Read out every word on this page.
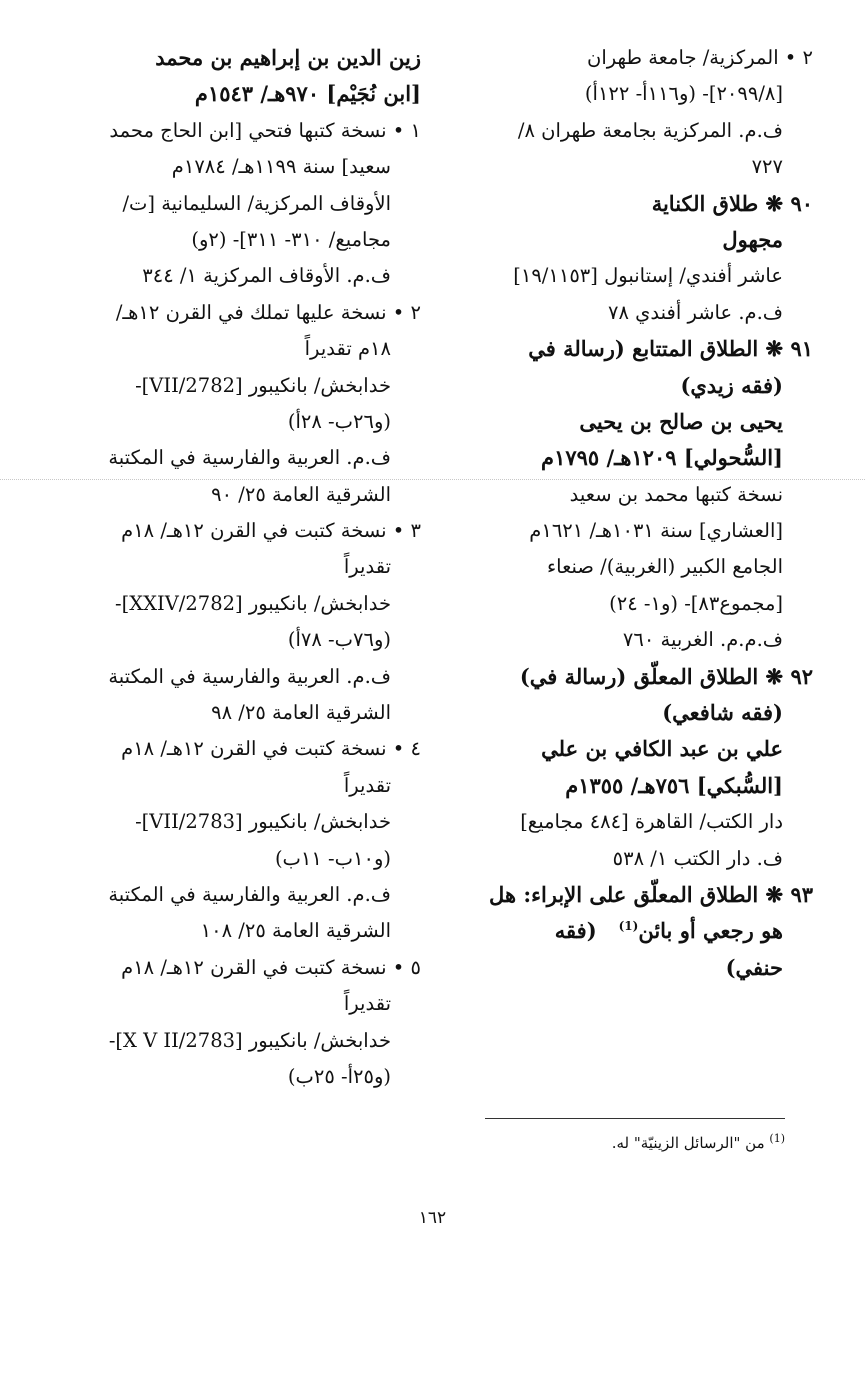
٢ • المركزية/ جامعة طهران
[٢٠٩٩/٨]- (و١١٦أ- ١٢٢أ)
ف.م. المركزية بجامعة طهران ٨/
٧٢٧
٩٠ ❋ طلاق الكناية
مجهول
عاشر أفندي/ إستانبول [١٩/١١٥٣]
ف.م. عاشر أفندي ٧٨
٩١ ❋ الطلاق المتتابع (رسالة في
(فقه زيدي)
يحيى بن صالح بن يحيى
[السُّحولي] ١٢٠٩هـ/ ١٧٩٥م
نسخة كتبها محمد بن سعيد
[العشاري] سنة ١٠٣١هـ/ ١٦٢١م
الجامع الكبير (الغربية)/ صنعاء
[مجموع٨٣]- (و١- ٢٤)
ف.م.م. الغربية ٧٦٠
٩٢ ❋ الطلاق المعلّق (رسالة في)
(فقه شافعي)
علي بن عبد الكافي بن علي
[السُّبكي] ٧٥٦هـ/ ١٣٥٥م
دار الكتب/ القاهرة [٤٨٤ مجاميع]
ف. دار الكتب ١/ ٥٣٨
٩٣ ❋ الطلاق المعلّق على الإبراء: هل
هو رجعي أو بائن$^{(1)}$   (فقه
حنفي)
زين الدين بن إبراهيم بن محمد
[ابن نُجَيْم] ٩٧٠هـ/ ١٥٤٣م
١ • نسخة كتبها فتحي [ابن الحاج محمد
سعيد] سنة ١١٩٩هـ/ ١٧٨٤م
الأوقاف المركزية/ السليمانية [ت/
مجاميع/ ٣١٠- ٣١١]- (٢و)
ف.م. الأوقاف المركزية ١/ ٣٤٤
٢ • نسخة عليها تملك في القرن ١٢هـ/
١٨م تقديراً
خدابخش/ بانكيبور [2782/VII]-
(و٢٦ب- ٢٨أ)
ف.م. العربية والفارسية في المكتبة
الشرقية العامة ٢٥/ ٩٠
٣ • نسخة كتبت في القرن ١٢هـ/ ١٨م
تقديراً
خدابخش/ بانكيبور [2782/XXIV]-
(و٧٦ب- ٧٨أ)
ف.م. العربية والفارسية في المكتبة
الشرقية العامة ٢٥/ ٩٨
٤ • نسخة كتبت في القرن ١٢هـ/ ١٨م
تقديراً
خدابخش/ بانكيبور [2783/VII]-
(و١٠ب- ١١ب)
ف.م. العربية والفارسية في المكتبة
الشرقية العامة ٢٥/ ١٠٨
٥ • نسخة كتبت في القرن ١٢هـ/ ١٨م
تقديراً
خدابخش/ بانكيبور [2783/X V II]-
(و٢٥أ- ٢٥ب)
$^{(1)}$ من "الرسائل الزينيّة" له.
١٦٢
